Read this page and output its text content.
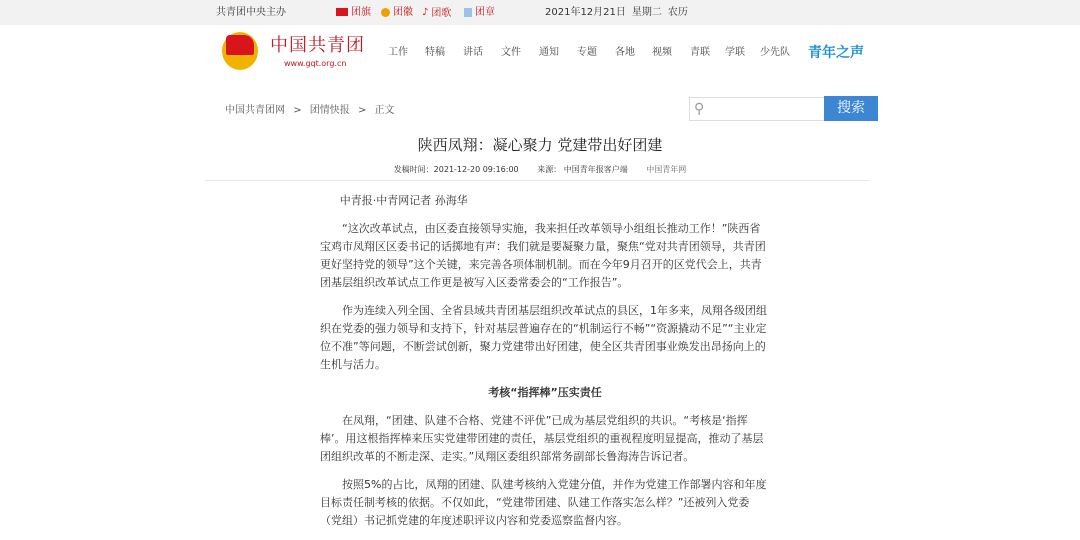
共青团中央主办	团旗	团徽 ♪ 团歌	团章	2021年12月21日 星期二 农历
中国共青团
www.gqt.org.cn
工作 特稿 讲话 文件 通知 专题 各地 视频 青联 学联 少先队 青年之声
中国共青团网 > 团情快报 > 正文	⚲	搜索
陕西凤翔：凝心聚力 党建带出好团建
发稿时间：2021-12-20 09:16:00 来源： 中国青年报客户端 中国青年网

中青报·中青网记者 孙海华

“这次改革试点，由区委直接领导实施，我来担任改革领导小组组长推动工作！”陕西省宝鸡市凤翔区区委书记的话掷地有声：我们就是要凝聚力量，聚焦“党对共青团领导，共青团更好坚持党的领导”这个关键，来完善各项体制机制。而在今年9月召开的区党代会上，共青团基层组织改革试点工作更是被写入区委常委会的“工作报告”。

作为连续入列全国、全省县域共青团基层组织改革试点的县区，1年多来，凤翔各级团组织在党委的强力领导和支持下，针对基层普遍存在的“机制运行不畅”“资源撬动不足”“主业定位不准”等问题，不断尝试创新，聚力党建带出好团建，使全区共青团事业焕发出昂扬向上的生机与活力。

考核“指挥棒”压实责任

在凤翔，“团建、队建不合格、党建不评优”已成为基层党组织的共识。“考核是‘指挥棒’。用这根指挥棒来压实党建带团建的责任，基层党组织的重视程度明显提高，推动了基层团组织改革的不断走深、走实。”凤翔区委组织部常务副部长鲁海涛告诉记者。

按照5%的占比，凤翔的团建、队建考核纳入党建分值，并作为党建工作部署内容和年度目标责任制考核的依据。不仅如此，“党建带团建、队建工作落实怎么样？”还被列入党委（党组）书记抓党建的年度述职评议内容和党委巡察监督内容。
